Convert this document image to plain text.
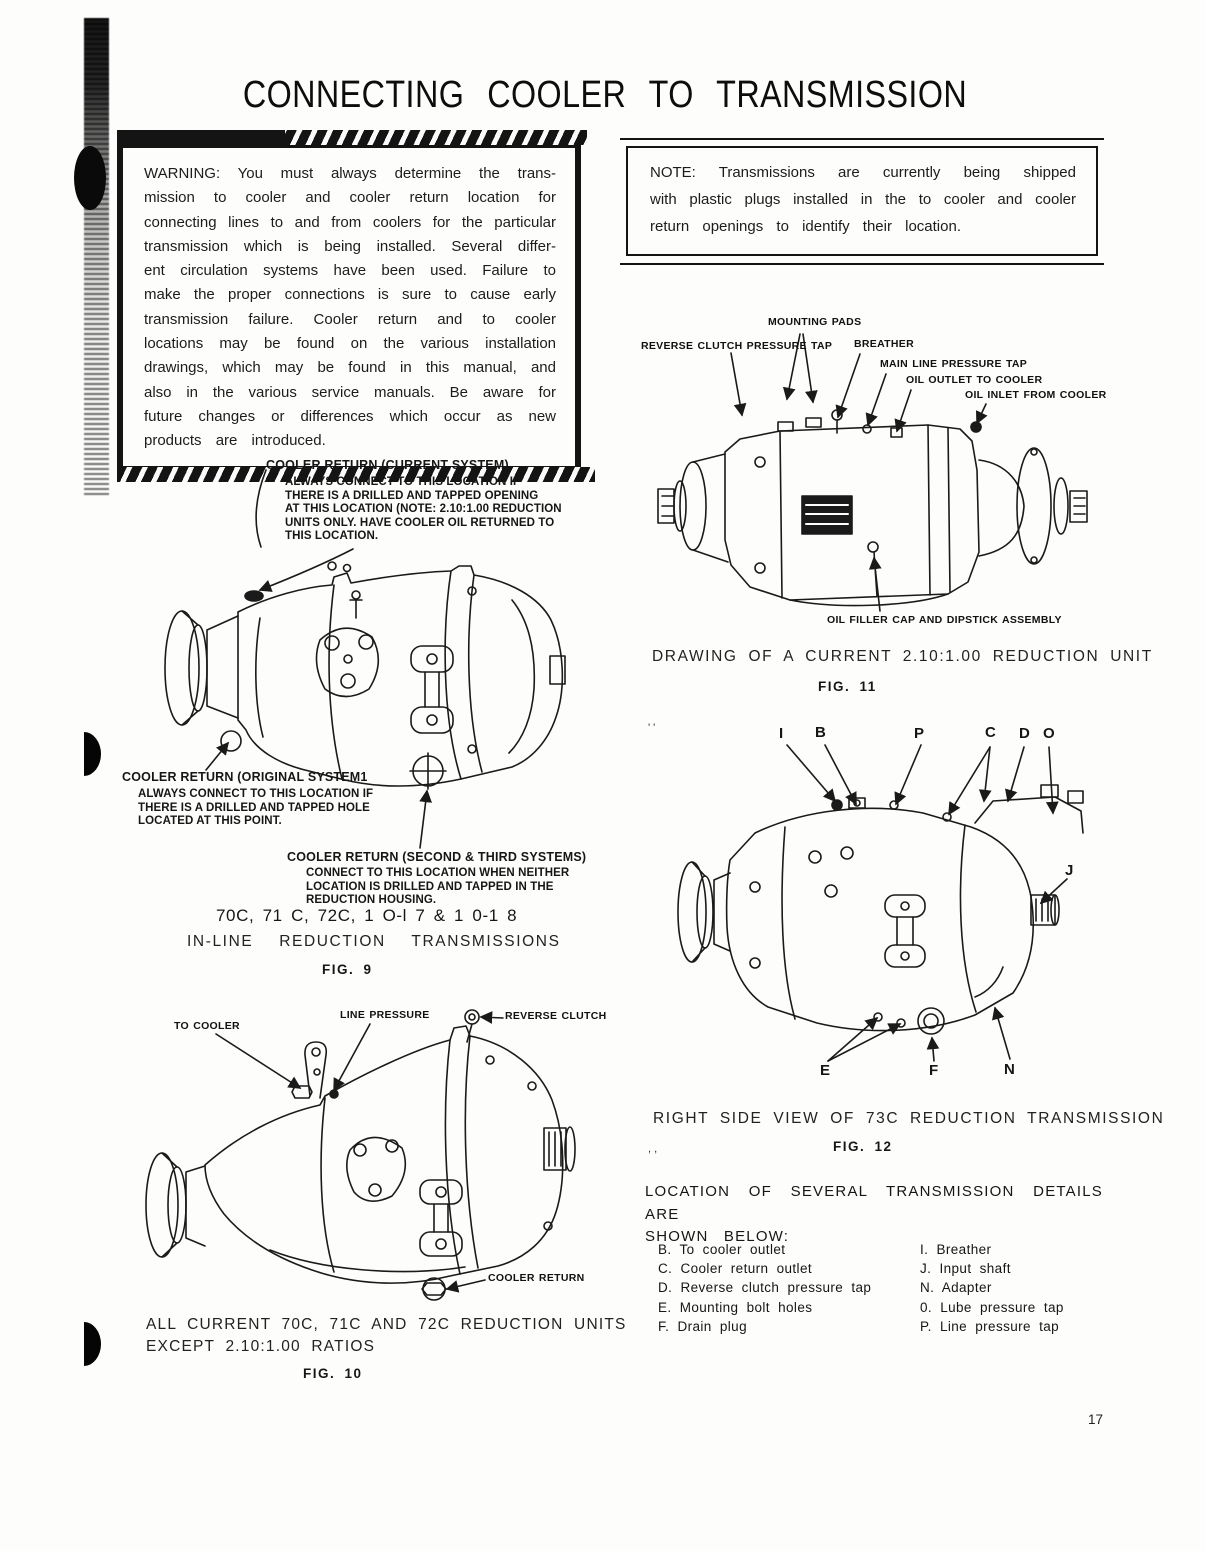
CONNECTING COOLER TO TRANSMISSION
WARNING: You must always determine the trans-
mission to cooler and cooler return location for
connecting lines to and from coolers for the particular
transmission which is being installed. Several differ-
ent circulation systems have been used. Failure to
make the proper connections is sure to cause early
transmission failure. Cooler return and to cooler
locations may be found on the various installation
drawings, which may be found in this manual, and
also in the various service manuals. Be aware for
future changes or differences which occur as new
products are introduced.
NOTE: Transmissions are currently being shipped
with plastic plugs installed in the to cooler and cooler
return openings to identify their location.
MOUNTING PADS
REVERSE CLUTCH PRESSURE TAP BREATHER
MAIN LINE PRESSURE TAP
OIL OUTLET TO COOLER
OIL INLET FROM COOLER
OIL FILLER CAP AND DIPSTICK ASSEMBLY
DRAWING OF A CURRENT 2.10:1.00 REDUCTION UNIT
FIG. 11
COOLER RETURN (CURRENT SYSTEM)
ALWAYS CONNECT TO THIS LOCATION IF
THERE IS A DRILLED AND TAPPED OPENING
AT THIS LOCATION (NOTE: 2.10:1.00 REDUCTION
UNITS ONLY. HAVE COOLER OIL RETURNED TO
THIS LOCATION.
COOLER RETURN (ORIGINAL SYSTEM1
ALWAYS CONNECT TO THIS LOCATION IF
THERE IS A DRILLED AND TAPPED HOLE
LOCATED AT THIS POINT.
COOLER RETURN (SECOND & THIRD SYSTEMS)
CONNECT TO THIS LOCATION WHEN NEITHER
LOCATION IS DRILLED AND TAPPED IN THE
REDUCTION HOUSING.
70C, 71 C, 72C, 1 O-l 7 & 1 0-1 8
IN-LINE REDUCTION TRANSMISSIONS
FIG. 9
TO COOLER
LINE PRESSURE	REVERSE CLUTCH
COOLER RETURN
ALL CURRENT 70C, 71C AND 72C REDUCTION UNITS
EXCEPT 2.10:1.00 RATIOS
FIG. 10
' '	I B	P	C D O
J
E	F	N
RIGHT SIDE VIEW OF 73C REDUCTION TRANSMISSION
, ,	FIG. 12
LOCATION OF SEVERAL TRANSMISSION DETAILS ARE
SHOWN BELOW:
B. To cooler outlet
C. Cooler return outlet
D. Reverse clutch pressure tap
E. Mounting bolt holes
F. Drain plug
I. Breather
J. Input shaft
N. Adapter
0. Lube pressure tap
P. Line pressure tap
17
